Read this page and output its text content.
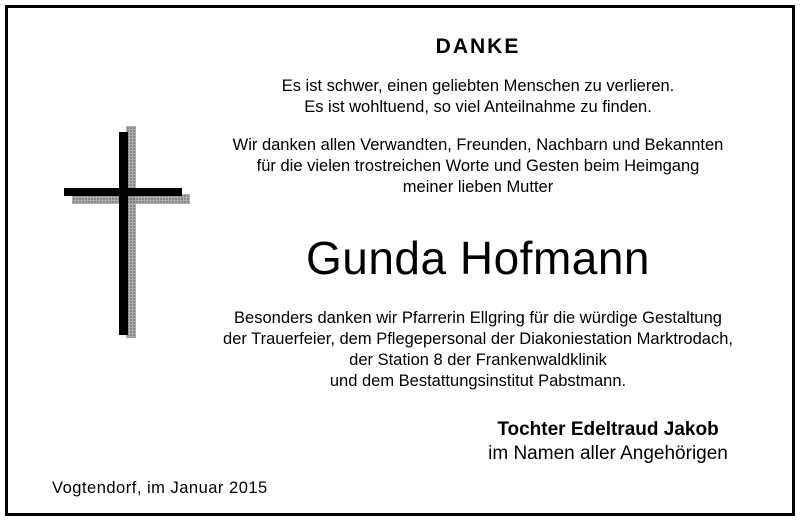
DANKE
Es ist schwer, einen geliebten Menschen zu verlieren.
Es ist wohltuend, so viel Anteilnahme zu finden.
Wir danken allen Verwandten, Freunden, Nachbarn und Bekannten
für die vielen trostreichen Worte und Gesten beim Heimgang
meiner lieben Mutter
Gunda Hofmann
Besonders danken wir Pfarrerin Ellgring für die würdige Gestaltung
der Trauerfeier, dem Pflegepersonal der Diakoniestation Marktrodach,
der Station 8 der Frankenwaldklinik
und dem Bestattungsinstitut Pabstmann.
Tochter Edeltraud Jakob
im Namen aller Angehörigen
Vogtendorf, im Januar 2015
